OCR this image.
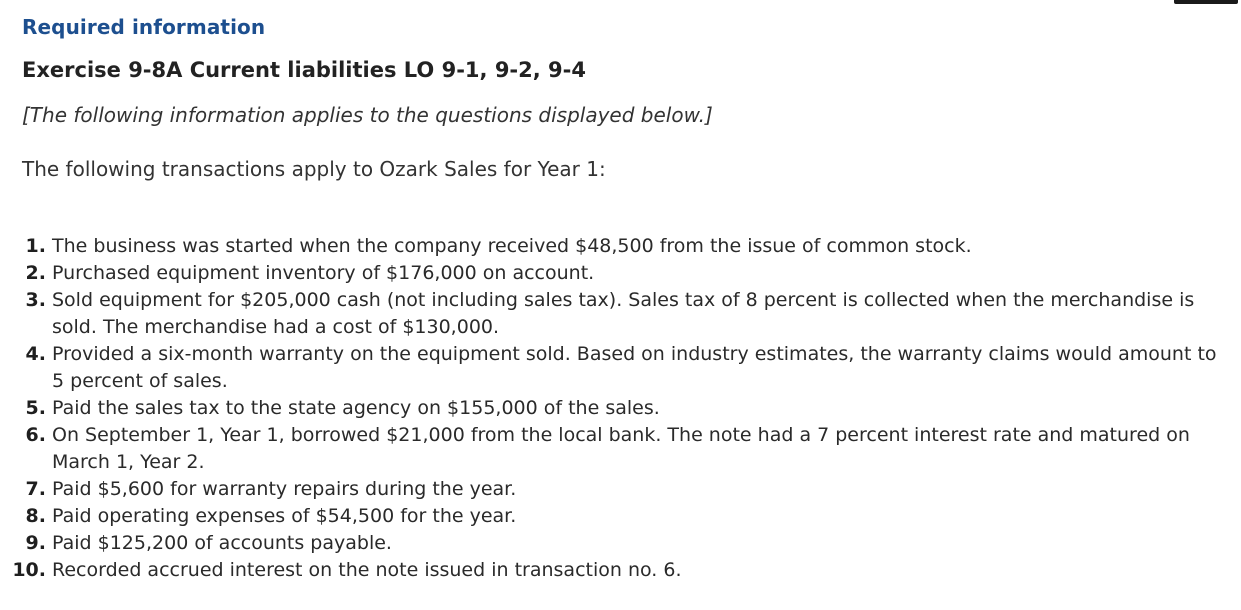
Required information
Exercise 9-8A Current liabilities LO 9-1, 9-2, 9-4
[The following information applies to the questions displayed below.]
The following transactions apply to Ozark Sales for Year 1:
1. The business was started when the company received $48,500 from the issue of common stock.
2. Purchased equipment inventory of $176,000 on account.
3. Sold equipment for $205,000 cash (not including sales tax). Sales tax of 8 percent is collected when the merchandise is sold. The merchandise had a cost of $130,000.
4. Provided a six-month warranty on the equipment sold. Based on industry estimates, the warranty claims would amount to 5 percent of sales.
5. Paid the sales tax to the state agency on $155,000 of the sales.
6. On September 1, Year 1, borrowed $21,000 from the local bank. The note had a 7 percent interest rate and matured on March 1, Year 2.
7. Paid $5,600 for warranty repairs during the year.
8. Paid operating expenses of $54,500 for the year.
9. Paid $125,200 of accounts payable.
10. Recorded accrued interest on the note issued in transaction no. 6.
